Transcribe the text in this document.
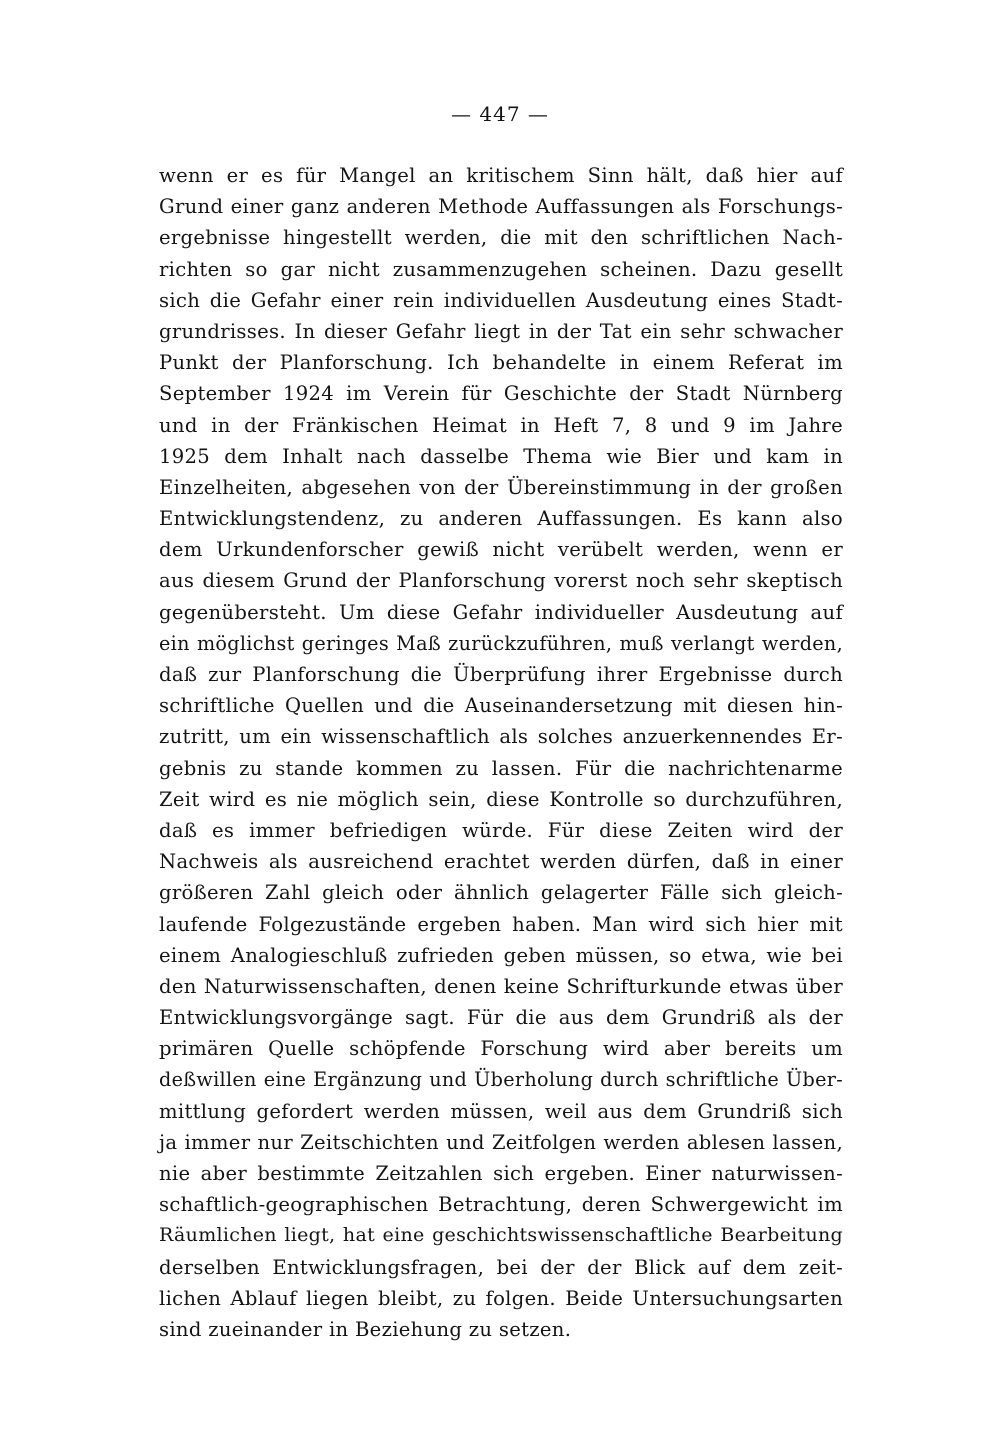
— 447 —
wenn er es für Mangel an kritischem Sinn hält, daß hier auf
Grund einer ganz anderen Methode Auffassungen als Forschungs-
ergebnisse hingestellt werden, die mit den schriftlichen Nach-
richten so gar nicht zusammenzugehen scheinen. Dazu gesellt
sich die Gefahr einer rein individuellen Ausdeutung eines Stadt-
grundrisses. In dieser Gefahr liegt in der Tat ein sehr schwacher
Punkt der Planforschung. Ich behandelte in einem Referat im
September 1924 im Verein für Geschichte der Stadt Nürnberg
und in der Fränkischen Heimat in Heft 7, 8 und 9 im Jahre
1925 dem Inhalt nach dasselbe Thema wie Bier und kam in
Einzelheiten, abgesehen von der Übereinstimmung in der großen
Entwicklungstendenz, zu anderen Auffassungen. Es kann also
dem Urkundenforscher gewiß nicht verübelt werden, wenn er
aus diesem Grund der Planforschung vorerst noch sehr skeptisch
gegenübersteht. Um diese Gefahr individueller Ausdeutung auf
ein möglichst geringes Maß zurückzuführen, muß verlangt werden,
daß zur Planforschung die Überprüfung ihrer Ergebnisse durch
schriftliche Quellen und die Auseinandersetzung mit diesen hin-
zutritt, um ein wissenschaftlich als solches anzuerkennendes Er-
gebnis zu stande kommen zu lassen. Für die nachrichtenarme
Zeit wird es nie möglich sein, diese Kontrolle so durchzuführen,
daß es immer befriedigen würde. Für diese Zeiten wird der
Nachweis als ausreichend erachtet werden dürfen, daß in einer
größeren Zahl gleich oder ähnlich gelagerter Fälle sich gleich-
laufende Folgezustände ergeben haben. Man wird sich hier mit
einem Analogieschluß zufrieden geben müssen, so etwa, wie bei
den Naturwissenschaften, denen keine Schrifturkunde etwas über
Entwicklungsvorgänge sagt. Für die aus dem Grundriß als der
primären Quelle schöpfende Forschung wird aber bereits um
deßwillen eine Ergänzung und Überholung durch schriftliche Über-
mittlung gefordert werden müssen, weil aus dem Grundriß sich
ja immer nur Zeitschichten und Zeitfolgen werden ablesen lassen,
nie aber bestimmte Zeitzahlen sich ergeben. Einer naturwissen-
schaftlich-geographischen Betrachtung, deren Schwergewicht im
Räumlichen liegt, hat eine geschichtswissenschaftliche Bearbeitung
derselben Entwicklungsfragen, bei der der Blick auf dem zeit-
lichen Ablauf liegen bleibt, zu folgen. Beide Untersuchungsarten
sind zueinander in Beziehung zu setzen.
